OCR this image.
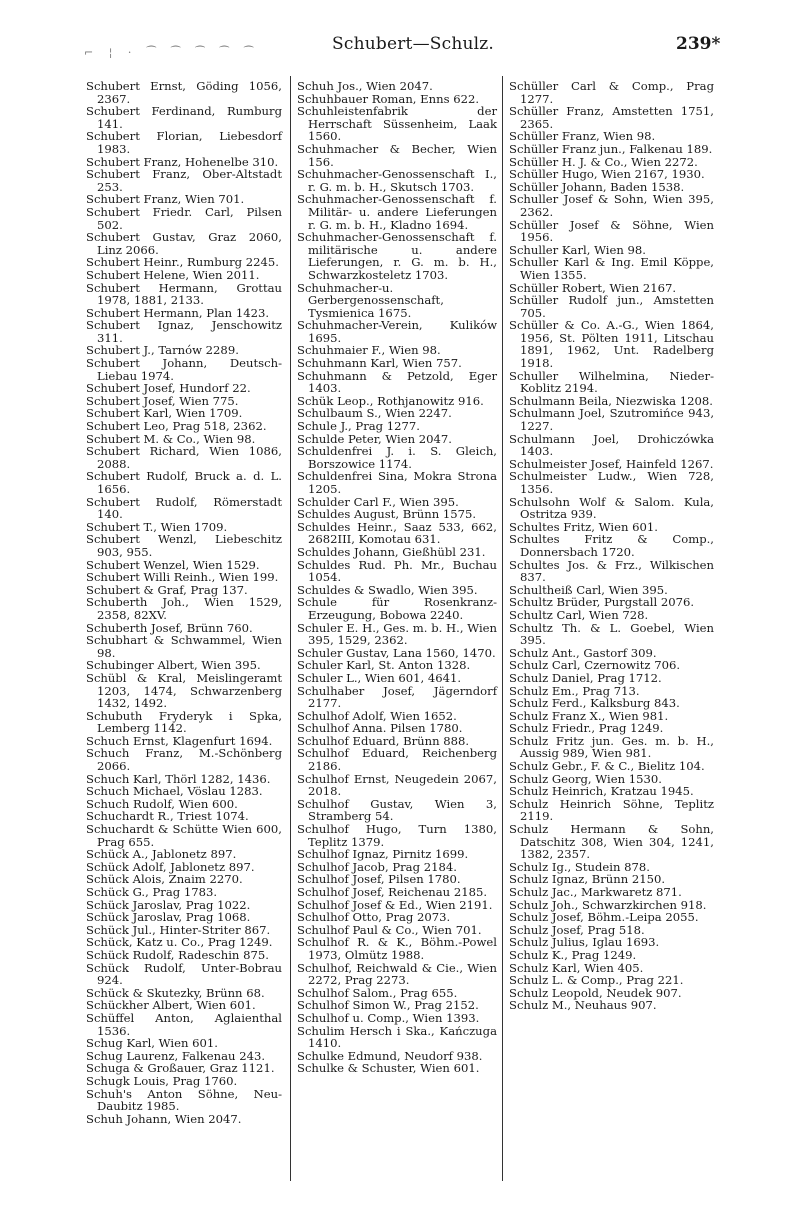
⌐ ¦ · ⁀ ⁀ ⁀ ⁀ ⁀	Schubert—Schulz.	239*

Schubert Ernst, Göding 1056, 2367.

Schubert Ferdinand, Rumburg 141.

Schubert Florian, Liebesdorf 1983.

Schubert Franz, Hohenelbe 310.

Schubert Franz, Ober-Altstadt 253.

Schubert Franz, Wien 701.

Schubert Friedr. Carl, Pilsen 502.

Schubert Gustav, Graz 2060, Linz 2066.

Schubert Heinr., Rumburg 2245.

Schubert Helene, Wien 2011.

Schubert Hermann, Grottau 1978, 1881, 2133.

Schubert Hermann, Plan 1423.

Schubert Ignaz, Jenschowitz 311.

Schubert J., Tarnów 2289.

Schubert Johann, Deutsch-Liebau 1974.

Schubert Josef, Hundorf 22.

Schubert Josef, Wien 775.

Schubert Karl, Wien 1709.

Schubert Leo, Prag 518, 2362.

Schubert M. & Co., Wien 98.

Schubert Richard, Wien 1086, 2088.

Schubert Rudolf, Bruck a. d. L. 1656.

Schubert Rudolf, Römerstadt 140.

Schubert T., Wien 1709.

Schubert Wenzl, Liebeschitz 903, 955.

Schubert Wenzel, Wien 1529.

Schubert Willi Reinh., Wien 199.

Schubert & Graf, Prag 137.

Schuberth Joh., Wien 1529, 2358, 82XV.

Schuberth Josef, Brünn 760.

Schubhart & Schwammel, Wien 98.

Schubinger Albert, Wien 395.

Schübl & Kral, Meislingeramt 1203, 1474, Schwarzenberg 1432, 1492.

Schubuth Fryderyk i Spka, Lemberg 1142.

Schuch Ernst, Klagenfurt 1694.

Schuch Franz, M.-Schönberg 2066.

Schuch Karl, Thörl 1282, 1436.

Schuch Michael, Vöslau 1283.

Schuch Rudolf, Wien 600.

Schuchardt R., Triest 1074.

Schuchardt & Schütte Wien 600, Prag 655.

Schück A., Jablonetz 897.

Schück Adolf, Jablonetz 897.

Schück Alois, Znaim 2270.

Schück G., Prag 1783.

Schück Jaroslav, Prag 1022.

Schück Jaroslav, Prag 1068.

Schück Jul., Hinter-Striter 867.

Schück, Katz u. Co., Prag 1249.

Schück Rudolf, Radeschin 875.

Schück Rudolf, Unter-Bobrau 924.

Schück & Skutezky, Brünn 68.

Schückher Albert, Wien 601.

Schüffel Anton, Aglaienthal 1536.

Schug Karl, Wien 601.

Schug Laurenz, Falkenau 243.

Schuga & Großauer, Graz 1121.

Schugk Louis, Prag 1760.

Schuh's Anton Söhne, Neu-Daubitz 1985.

Schuh Johann, Wien 2047.

Schuh Jos., Wien 2047.

Schuhbauer Roman, Enns 622.

Schuhleistenfabrik der Herrschaft Süssenheim, Laak 1560.

Schuhmacher & Becher, Wien 156.

Schuhmacher-Genossenschaft I., r. G. m. b. H., Skutsch 1703.

Schuhmacher-Genossenschaft f. Militär- u. andere Lieferungen r. G. m. b. H., Kladno 1694.

Schuhmacher-Genossenschaft f. militärische u. andere Lieferungen, r. G. m. b. H., Schwarzkosteletz 1703.

Schuhmacher-u. Gerbergenossenschaft, Tysmienica 1675.

Schuhmacher-Verein, Kulików 1695.

Schuhmaier F., Wien 98.

Schuhmann Karl, Wien 757.

Schuhmann & Petzold, Eger 1403.

Schük Leop., Rothjanowitz 916.

Schulbaum S., Wien 2247.

Schule J., Prag 1277.

Schulde Peter, Wien 2047.

Schuldenfrei J. i. S. Gleich, Borszowice 1174.

Schuldenfrei Sina, Mokra Strona 1205.

Schulder Carl F., Wien 395.

Schuldes August, Brünn 1575.

Schuldes Heinr., Saaz 533, 662, 2682III, Komotau 631.

Schuldes Johann, Gießhübl 231.

Schuldes Rud. Ph. Mr., Buchau 1054.

Schuldes & Swadlo, Wien 395.

Schule für Rosenkranz-Erzeugung, Bobowa 2240.

Schuler E. H., Ges. m. b. H., Wien 395, 1529, 2362.

Schuler Gustav, Lana 1560, 1470.

Schuler Karl, St. Anton 1328.

Schuler L., Wien 601, 4641.

Schulhaber Josef, Jägerndorf 2177.

Schulhof Adolf, Wien 1652.

Schulhof Anna. Pilsen 1780.

Schulhof Eduard, Brünn 888.

Schulhof Eduard, Reichenberg 2186.

Schulhof Ernst, Neugedein 2067, 2018.

Schulhof Gustav, Wien 3, Stramberg 54.

Schulhof Hugo, Turn 1380, Teplitz 1379.

Schulhof Ignaz, Pirnitz 1699.

Schulhof Jacob, Prag 2184.

Schulhof Josef, Pilsen 1780.

Schulhof Josef, Reichenau 2185.

Schulhof Josef & Ed., Wien 2191.

Schulhof Otto, Prag 2073.

Schulhof Paul & Co., Wien 701.

Schulhof R. & K., Böhm.-Powel 1973, Olmütz 1988.

Schulhof, Reichwald & Cie., Wien 2272, Prag 2273.

Schulhof Salom., Prag 655.

Schulhof Simon W., Prag 2152.

Schulhof u. Comp., Wien 1393.

Schulim Hersch i Ska., Kańczuga 1410.

Schulke Edmund, Neudorf 938.

Schulke & Schuster, Wien 601.

Schüller Carl & Comp., Prag 1277.

Schüller Franz, Amstetten 1751, 2365.

Schüller Franz, Wien 98.

Schüller Franz jun., Falkenau 189.

Schüller H. J. & Co., Wien 2272.

Schüller Hugo, Wien 2167, 1930.

Schüller Johann, Baden 1538.

Schuller Josef & Sohn, Wien 395, 2362.

Schüller Josef & Söhne, Wien 1956.

Schuller Karl, Wien 98.

Schuller Karl & Ing. Emil Köppe, Wien 1355.

Schüller Robert, Wien 2167.

Schüller Rudolf jun., Amstetten 705.

Schüller & Co. A.-G., Wien 1864, 1956, St. Pölten 1911, Litschau 1891, 1962, Unt. Radelberg 1918.

Schuller Wilhelmina, Nieder-Koblitz 2194.

Schulmann Beila, Niezwiska 1208.

Schulmann Joel, Szutromińce 943, 1227.

Schulmann Joel, Drohiczówka 1403.

Schulmeister Josef, Hainfeld 1267.

Schulmeister Ludw., Wien 728, 1356.

Schulsohn Wolf & Salom. Kula, Ostritza 939.

Schultes Fritz, Wien 601.

Schultes Fritz & Comp., Donnersbach 1720.

Schultes Jos. & Frz., Wilkischen 837.

Schultheiß Carl, Wien 395.

Schultz Brüder, Purgstall 2076.

Schultz Carl, Wien 728.

Schultz Th. & L. Goebel, Wien 395.

Schulz Ant., Gastorf 309.

Schulz Carl, Czernowitz 706.

Schulz Daniel, Prag 1712.

Schulz Em., Prag 713.

Schulz Ferd., Kalksburg 843.

Schulz Franz X., Wien 981.

Schulz Friedr., Prag 1249.

Schulz Fritz jun. Ges. m. b. H., Aussig 989, Wien 981.

Schulz Gebr., F. & C., Bielitz 104.

Schulz Georg, Wien 1530.

Schulz Heinrich, Kratzau 1945.

Schulz Heinrich Söhne, Teplitz 2119.

Schulz Hermann & Sohn, Datschitz 308, Wien 304, 1241, 1382, 2357.

Schulz Ig., Studein 878.

Schulz Ignaz, Brünn 2150.

Schulz Jac., Markwaretz 871.

Schulz Joh., Schwarzkirchen 918.

Schulz Josef, Böhm.-Leipa 2055.

Schulz Josef, Prag 518.

Schulz Julius, Iglau 1693.

Schulz K., Prag 1249.

Schulz Karl, Wien 405.

Schulz L. & Comp., Prag 221.

Schulz Leopold, Neudek 907.

Schulz M., Neuhaus 907.
